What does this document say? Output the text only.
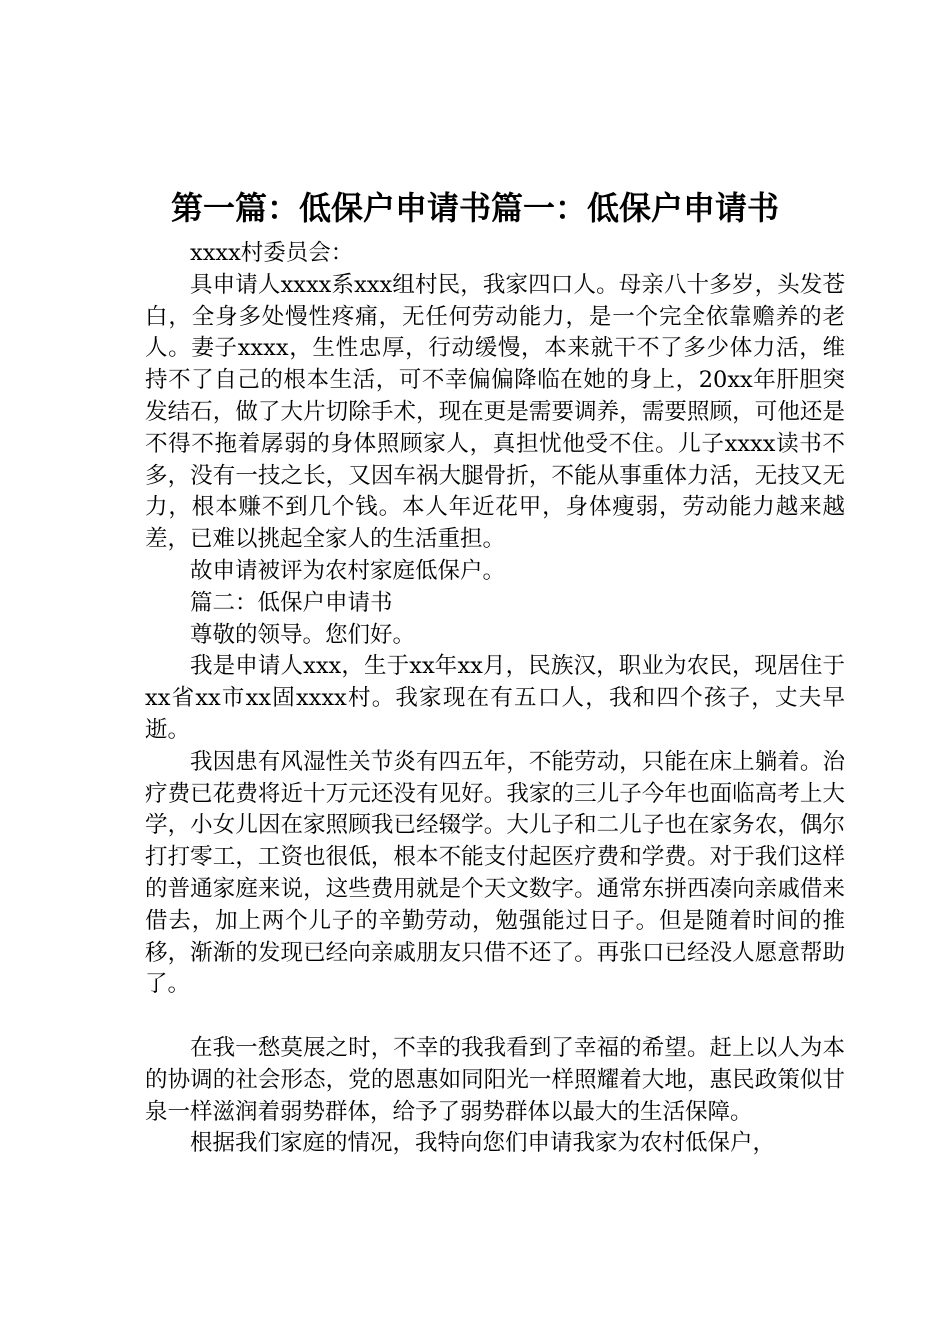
第一篇：低保户申请书篇一：低保户申请书

xxxx村委员会：

具申请人xxxx系xxx组村民，我家四口人。母亲八十多岁，头发苍白，全身多处慢性疼痛，无任何劳动能力，是一个完全依靠赡养的老人。妻子xxxx，生性忠厚，行动缓慢，本来就干不了多少体力活，维持不了自己的根本生活，可不幸偏偏降临在她的身上，20xx年肝胆突发结石，做了大片切除手术，现在更是需要调养，需要照顾，可他还是不得不拖着孱弱的身体照顾家人，真担忧他受不住。儿子xxxx读书不多，没有一技之长，又因车祸大腿骨折，不能从事重体力活，无技又无力，根本赚不到几个钱。本人年近花甲，身体瘦弱，劳动能力越来越差，已难以挑起全家人的生活重担。

故申请被评为农村家庭低保户。

篇二：低保户申请书

尊敬的领导。您们好。

我是申请人xxx，生于xx年xx月，民族汉，职业为农民，现居住于xx省xx市xx固xxxx村。我家现在有五口人，我和四个孩子，丈夫早逝。

我因患有风湿性关节炎有四五年，不能劳动，只能在床上躺着。治疗费已花费将近十万元还没有见好。我家的三儿子今年也面临高考上大学，小女儿因在家照顾我已经辍学。大儿子和二儿子也在家务农，偶尔打打零工，工资也很低，根本不能支付起医疗费和学费。对于我们这样的普通家庭来说，这些费用就是个天文数字。通常东拼西凑向亲戚借来借去，加上两个儿子的辛勤劳动，勉强能过日子。但是随着时间的推移，渐渐的发现已经向亲戚朋友只借不还了。再张口已经没人愿意帮助了。

在我一愁莫展之时，不幸的我我看到了幸福的希望。赶上以人为本的协调的社会形态，党的恩惠如同阳光一样照耀着大地，惠民政策似甘泉一样滋润着弱势群体，给予了弱势群体以最大的生活保障。

根据我们家庭的情况，我特向您们申请我家为农村低保户，
